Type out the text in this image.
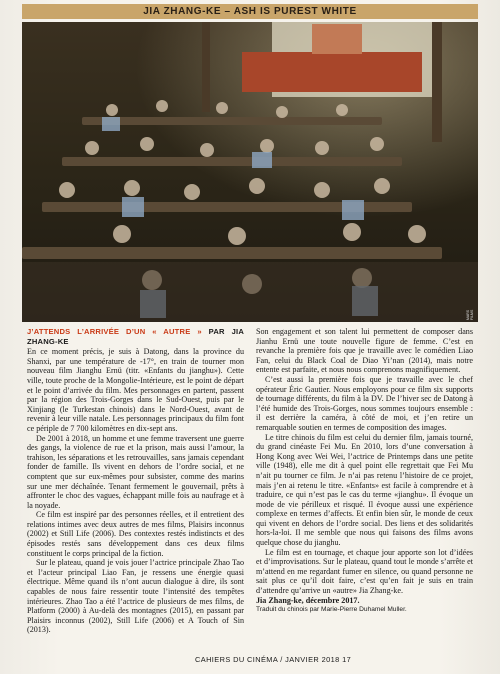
JIA ZHANG-KE – ASH IS PUREST WHITE
MARS FILMS
J’ATTENDS L’ARRIVÉE D’UN « AUTRE » PAR JIA ZHANG-KE

En ce moment précis, je suis à Datong, dans la province du Shanxi, par une température de -17°, en train de tourner mon nouveau film Jianghu Ernü (titr. «Enfants du jianghu»). Cette ville, toute proche de la Mongolie-Intérieure, est le point de départ et le point d’arrivée du film. Mes personnages en partent, passent par la région des Trois-Gorges dans le Sud-Ouest, puis par le Xinjiang (le Turkestan chinois) dans le Nord-Ouest, avant de revenir à leur ville natale. Les personnages principaux du film font ce périple de 7 700 kilomètres en dix-sept ans.

De 2001 à 2018, un homme et une femme traversent une guerre des gangs, la violence de rue et la prison, mais aussi l’amour, la trahison, les séparations et les retrouvailles, sans jamais cependant fonder de famille. Ils vivent en dehors de l’ordre social, et ne comptent que sur eux-mêmes pour subsister, comme des marins sur une mer déchaînée. Tenant fermement le gouvernail, prêts à affronter le choc des vagues, échappant mille fois au naufrage et à la noyade.

Ce film est inspiré par des personnes réelles, et il entretient des relations intimes avec deux autres de mes films, Plaisirs inconnus (2002) et Still Life (2006). Des contextes restés indistincts et des épisodes restés sans développement dans ces deux films constituent le corps principal de la fiction.

Sur le plateau, quand je vois jouer l’actrice principale Zhao Tao et l’acteur principal Liao Fan, je ressens une énergie quasi électrique. Même quand ils n’ont aucun dialogue à dire, ils sont capables de nous faire ressentir toute l’intensité des tempêtes intérieures. Zhao Tao a été l’actrice de plusieurs de mes films, de Platform (2000) à Au-delà des montagnes (2015), en passant par Plaisirs inconnus (2002), Still Life (2006) et A Touch of Sin (2013).

Son engagement et son talent lui permettent de composer dans Jianhu Ernü une toute nouvelle figure de femme. C’est en revanche la première fois que je travaille avec le comédien Liao Fan, celui du Black Coal de Diao Yi’nan (2014), mais notre entente est parfaite, et nous nous comprenons magnifiquement.

C’est aussi la première fois que je travaille avec le chef opérateur Éric Gautier. Nous employons pour ce film six supports de tournage différents, du film à la DV. De l’hiver sec de Datong à l’été humide des Trois-Gorges, nous sommes toujours ensemble : il est derrière la caméra, à côté de moi, et j’en retire un remarquable soutien en termes de composition des images.

Le titre chinois du film est celui du dernier film, jamais tourné, du grand cinéaste Fei Mu. En 2010, lors d’une conversation à Hong Kong avec Wei Wei, l’actrice de Printemps dans une petite ville (1948), elle me dit à quel point elle regrettait que Fei Mu n’ait pu tourner ce film. Je n’ai pas retenu l’histoire de ce projet, mais j’en ai retenu le titre. «Enfants» est facile à comprendre et à traduire, ce qui n’est pas le cas du terme «jianghu». Il évoque un mode de vie périlleux et risqué. Il évoque aussi une expérience complexe en termes d’affects. Et enfin bien sûr, le monde de ceux qui vivent en dehors de l’ordre social. Des liens et des solidarités hors-la-loi. Il me semble que nous qui faisons des films avons quelque chose du jianghu.

Le film est en tournage, et chaque jour apporte son lot d’idées et d’improvisations. Sur le plateau, quand tout le monde s’arrête et m’attend en me regardant fumer en silence, ou quand personne ne sait plus ce qu’il doit faire, c’est qu’en fait je suis en train d’attendre qu’arrive un «autre» Jia Zhang-ke.

Jia Zhang-ke, décembre 2017.

Traduit du chinois par Marie-Pierre Duhamel Muller.

CAHIERS DU CINÉMA / JANVIER 2018 17
